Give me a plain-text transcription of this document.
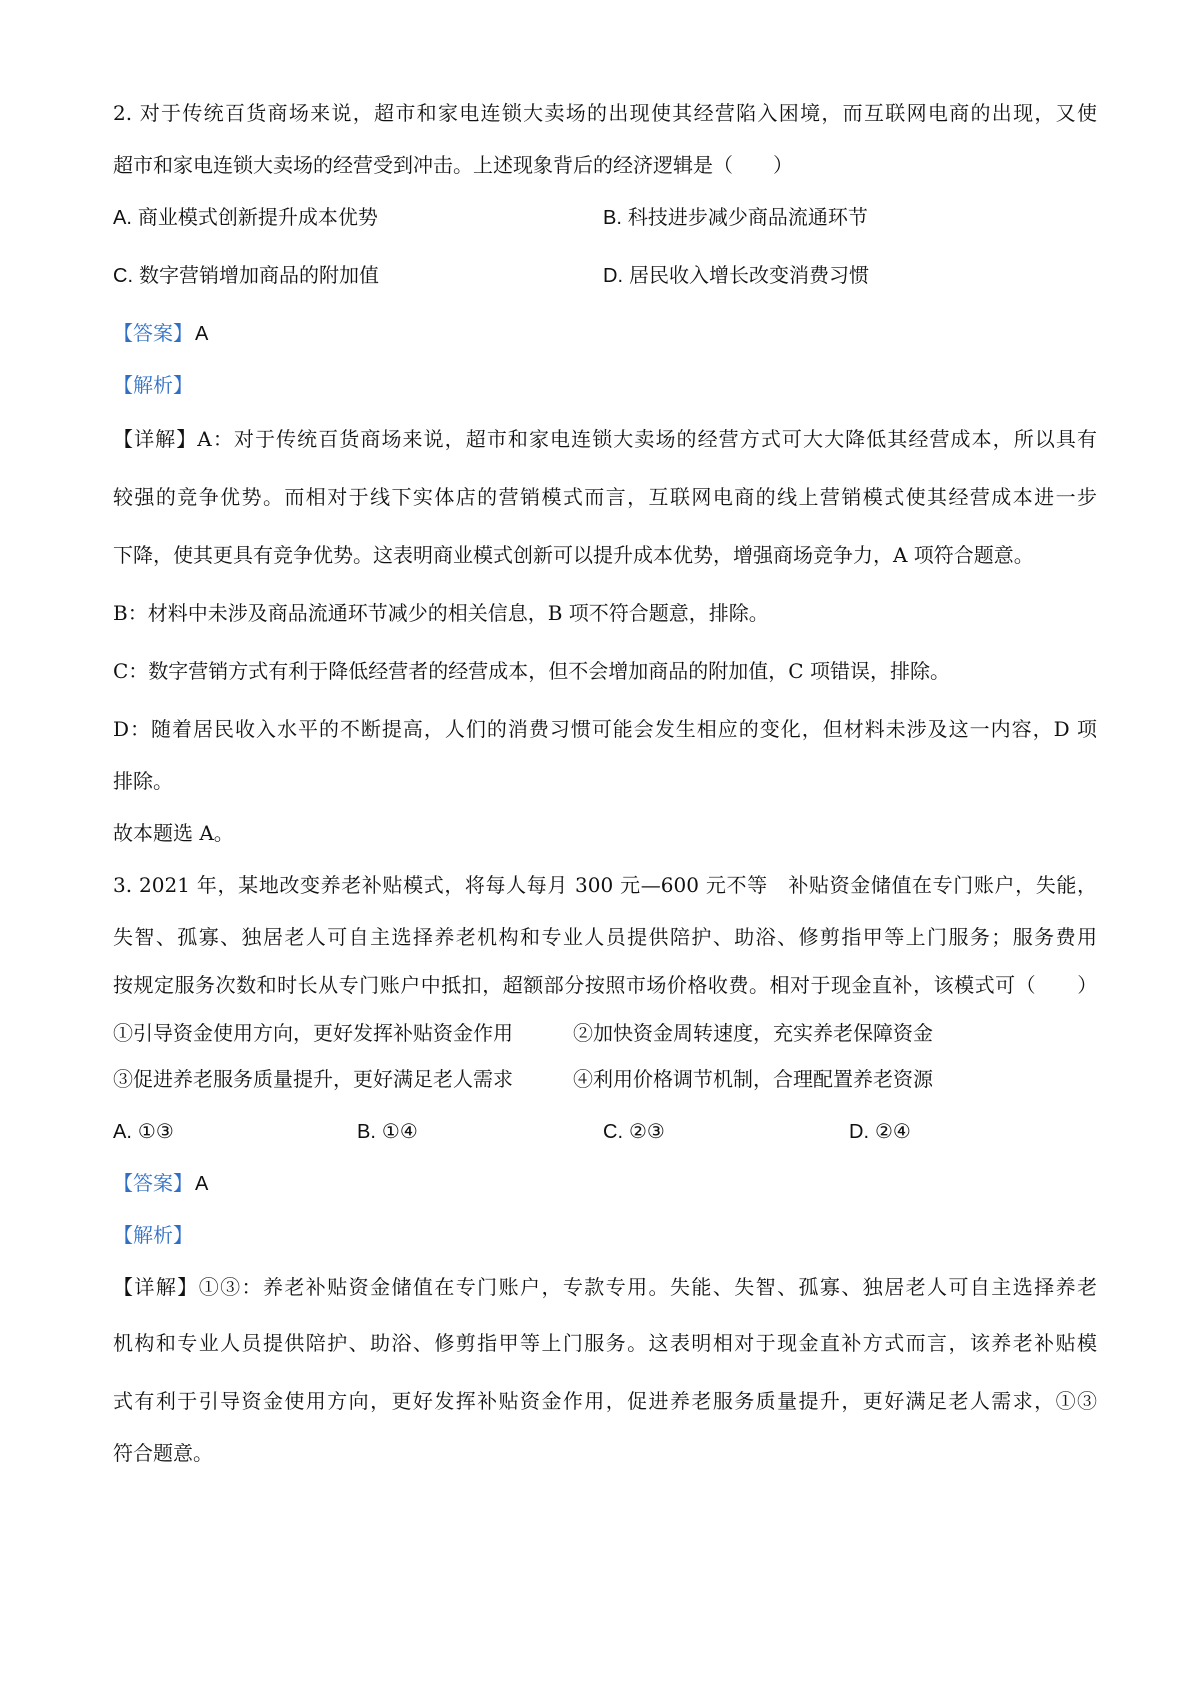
2. 对于传统百货商场来说，超市和家电连锁大卖场的出现使其经营陷入困境，而互联网电商的出现，又使
超市和家电连锁大卖场的经营受到冲击。上述现象背后的经济逻辑是（　　）
A. 商业模式创新提升成本优势	B. 科技进步减少商品流通环节
C. 数字营销增加商品的附加值	D. 居民收入增长改变消费习惯
【答案】 A
【解析】
【详解】A：对于传统百货商场来说，超市和家电连锁大卖场的经营方式可大大降低其经营成本，所以具有
较强的竞争优势。而相对于线下实体店的营销模式而言，互联网电商的线上营销模式使其经营成本进一步
下降，使其更具有竞争优势。这表明商业模式创新可以提升成本优势，增强商场竞争力，A 项符合题意。
B：材料中未涉及商品流通环节减少的相关信息，B 项不符合题意，排除。
C：数字营销方式有利于降低经营者的经营成本，但不会增加商品的附加值，C 项错误，排除。
D：随着居民收入水平的不断提高，人们的消费习惯可能会发生相应的变化，但材料未涉及这一内容，D 项
排除。
故本题选 A。
3. 2021 年，某地改变养老补贴模式，将每人每月 300 元—600 元不等　补贴资金储值在专门账户，失能，
失智、孤寡、独居老人可自主选择养老机构和专业人员提供陪护、助浴、修剪指甲等上门服务；服务费用
按规定服务次数和时长从专门账户中抵扣，超额部分按照市场价格收费。相对于现金直补，该模式可（　　）
①引导资金使用方向，更好发挥补贴资金作用	②加快资金周转速度，充实养老保障资金
③促进养老服务质量提升，更好满足老人需求	④利用价格调节机制，合理配置养老资源
A. ①③	B. ①④	C. ②③	D. ②④
【答案】 A
【解析】
【详解】①③：养老补贴资金储值在专门账户，专款专用。失能、失智、孤寡、独居老人可自主选择养老
机构和专业人员提供陪护、助浴、修剪指甲等上门服务。这表明相对于现金直补方式而言，该养老补贴模
式有利于引导资金使用方向，更好发挥补贴资金作用，促进养老服务质量提升，更好满足老人需求，①③
符合题意。
